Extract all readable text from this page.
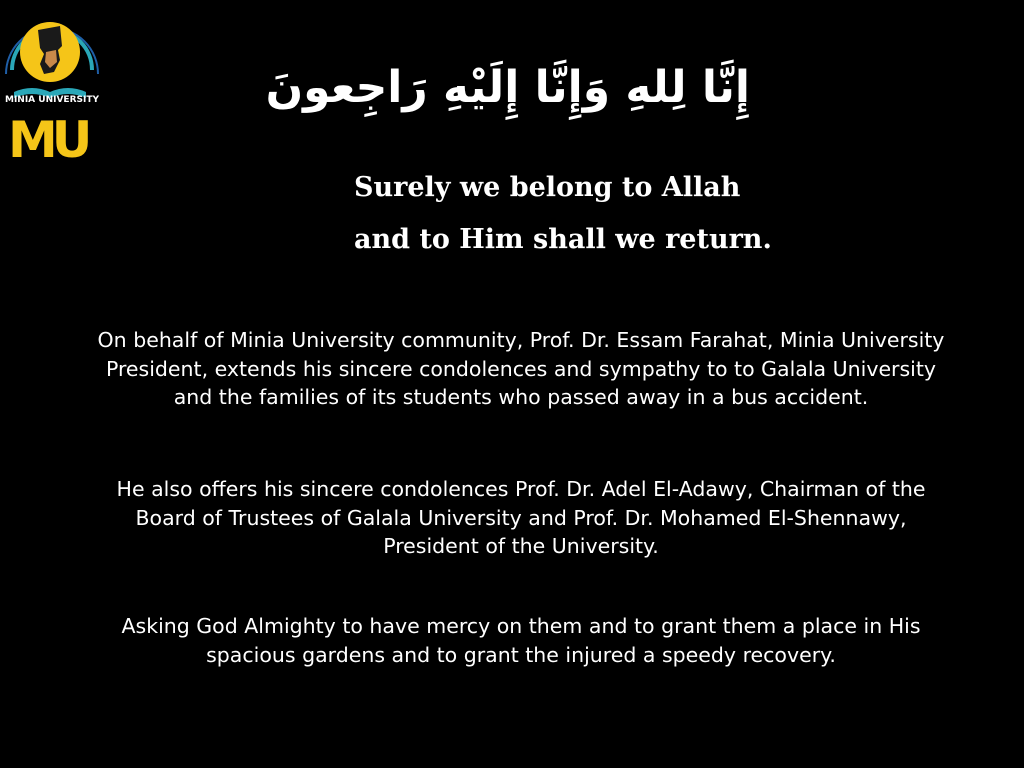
MINIA UNIVERSITY
MU
إِنَّا لِلهِ وَإِنَّا إِلَيْهِ رَاجِعونَ
Surely we belong to Allah
and to Him shall we return.
On behalf of Minia University community, Prof. Dr. Essam Farahat, Minia University President, extends his sincere condolences and sympathy to to Galala University and the families of its students who passed away in a bus accident.
He also offers his sincere condolences Prof. Dr. Adel El-Adawy, Chairman of the Board of Trustees of Galala University and Prof. Dr. Mohamed El-Shennawy, President of the University.
Asking God Almighty to have mercy on them and to grant them a place in His spacious gardens and to grant the injured a speedy recovery.
